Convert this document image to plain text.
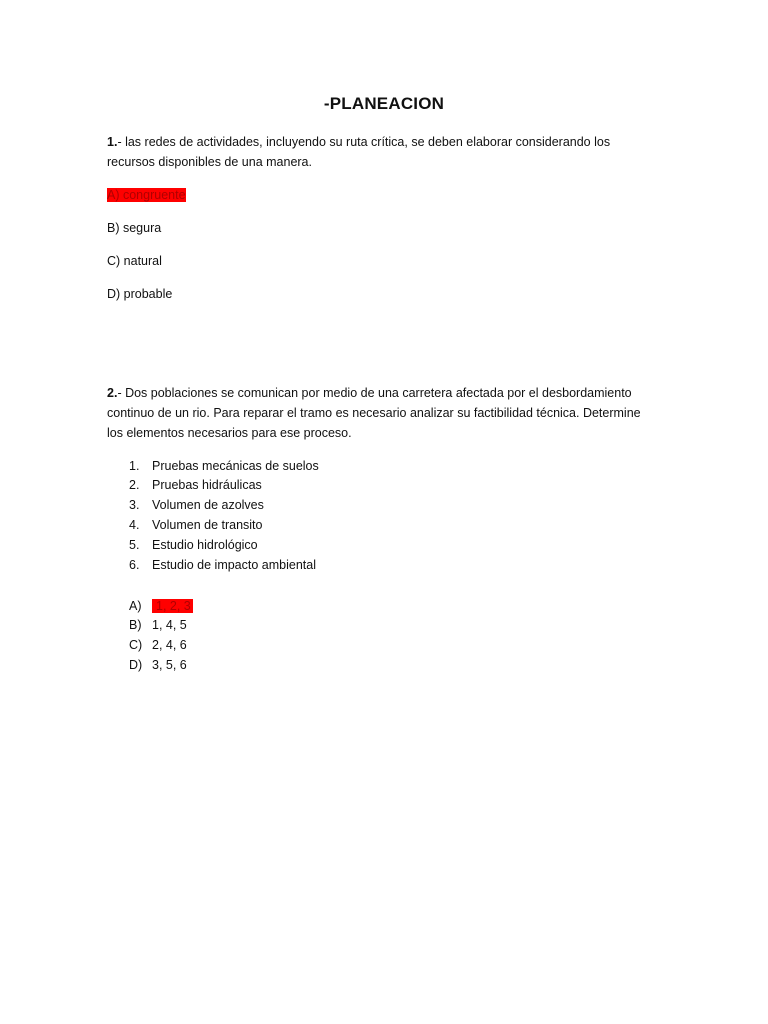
-PLANEACION
1.- las redes de actividades, incluyendo su ruta crítica, se deben elaborar considerando los recursos disponibles de una manera.
A) congruente
B) segura
C) natural
D) probable
2.- Dos poblaciones se comunican por medio de una carretera afectada por el desbordamiento continuo de un rio. Para reparar el tramo es necesario analizar su factibilidad técnica. Determine los elementos necesarios para ese proceso.
1. Pruebas mecánicas de suelos
2. Pruebas hidráulicas
3. Volumen de azolves
4. Volumen de transito
5. Estudio hidrológico
6. Estudio de impacto ambiental
A) 1, 2, 3
B) 1, 4, 5
C) 2, 4, 6
D) 3, 5, 6
